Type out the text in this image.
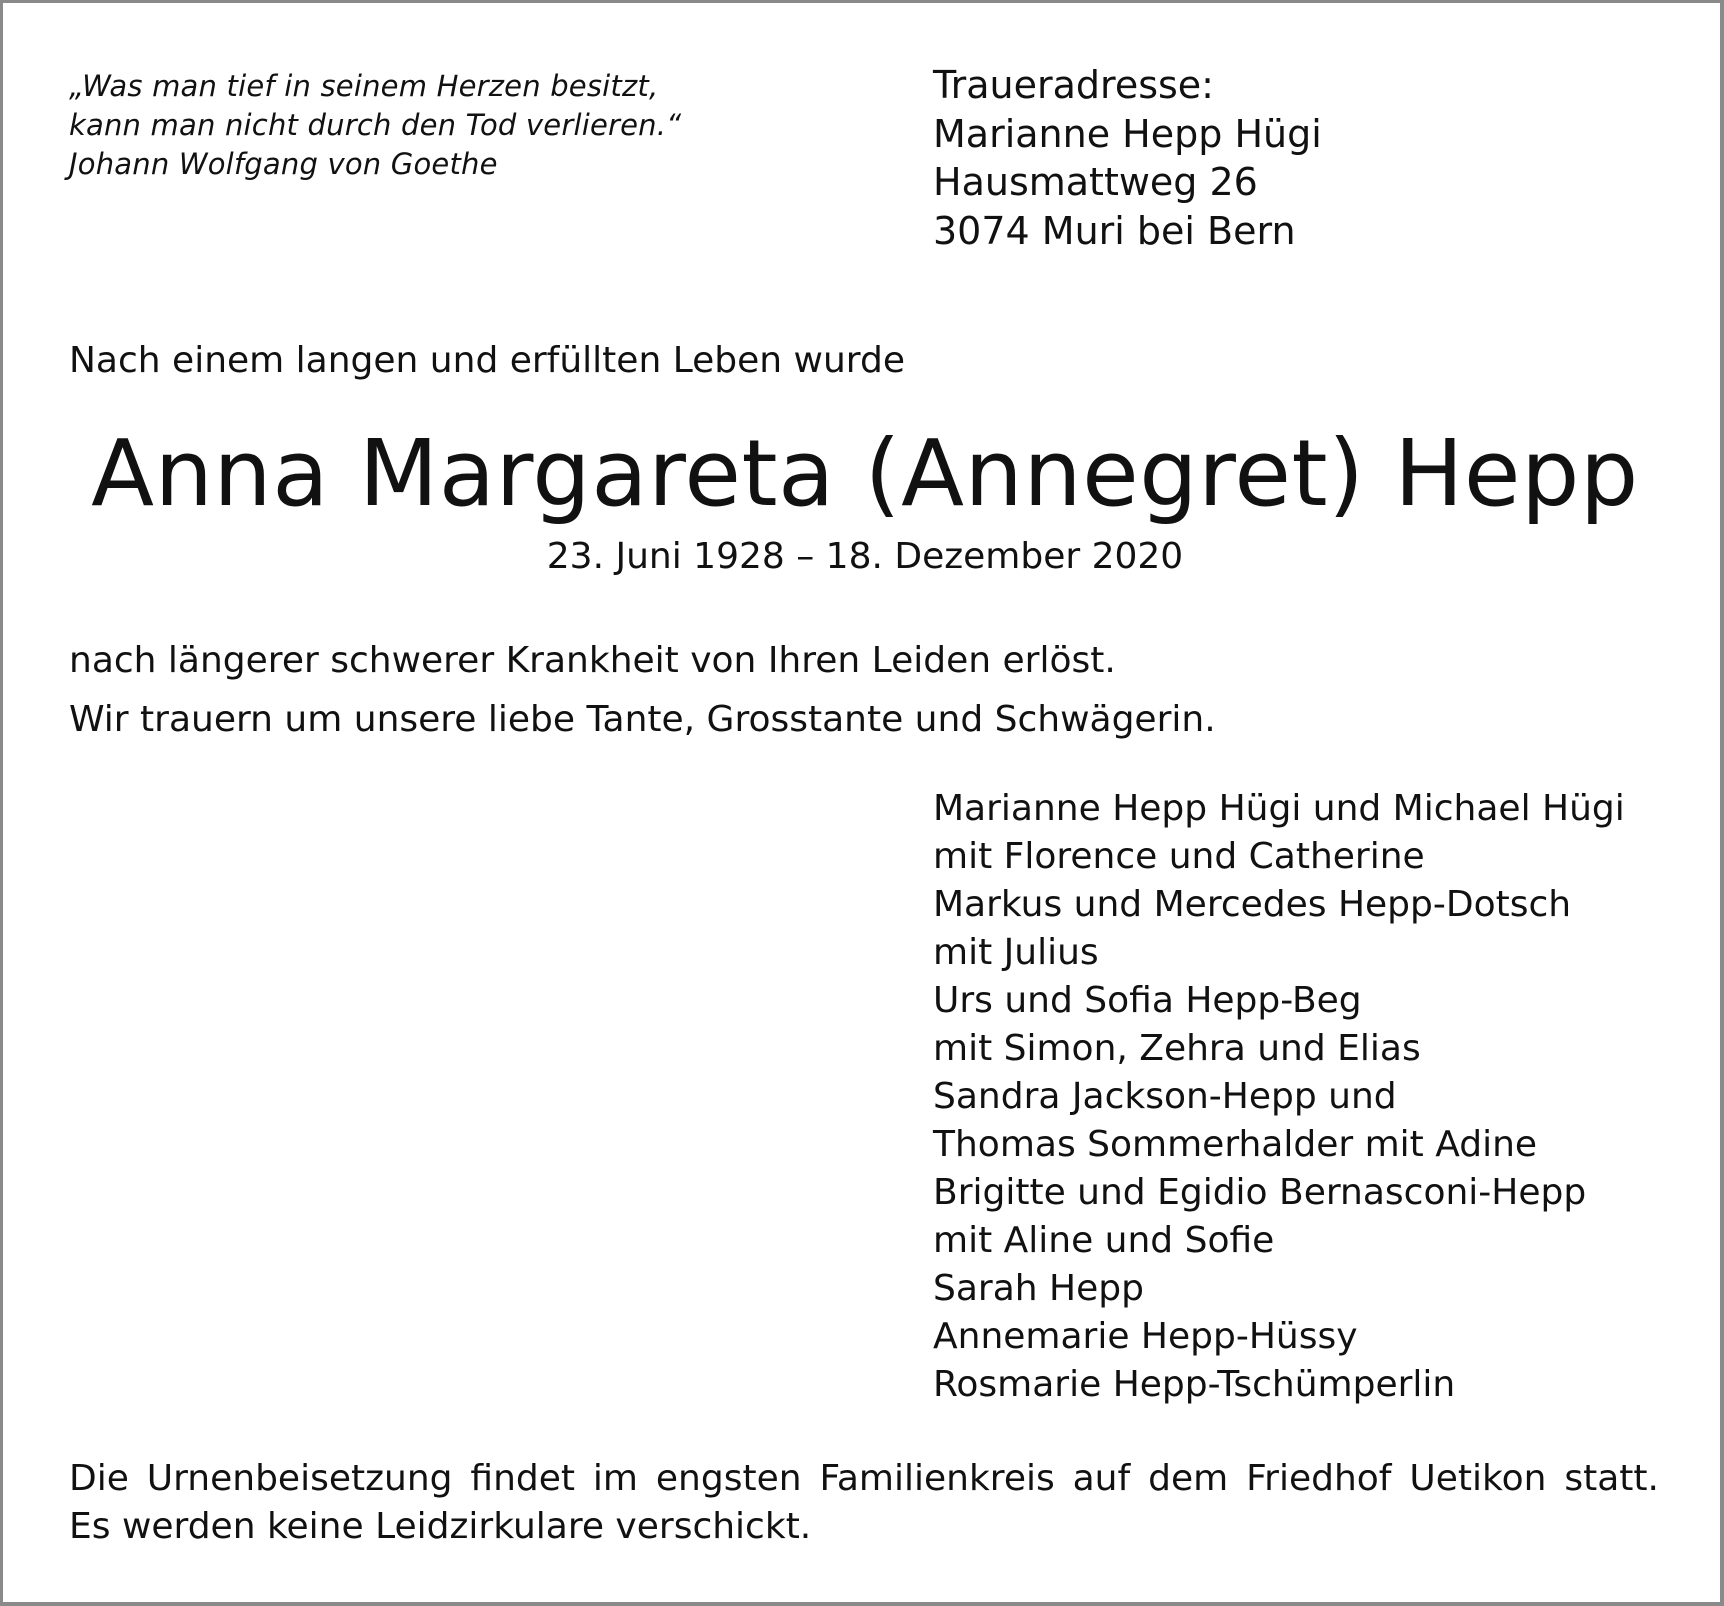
„Was man tief in seinem Herzen besitzt,
kann man nicht durch den Tod verlieren.“
Johann Wolfgang von Goethe
Traueradresse:
Marianne Hepp Hügi
Hausmattweg 26
3074 Muri bei Bern
Nach einem langen und erfüllten Leben wurde
Anna Margareta (Annegret) Hepp
23. Juni 1928 – 18. Dezember 2020
nach längerer schwerer Krankheit von Ihren Leiden erlöst.
Wir trauern um unsere liebe Tante, Grosstante und Schwägerin.
Marianne Hepp Hügi und Michael Hügi
mit Florence und Catherine
Markus und Mercedes Hepp-Dotsch
mit Julius
Urs und Sofia Hepp-Beg
mit Simon, Zehra und Elias
Sandra Jackson-Hepp und
Thomas Sommerhalder mit Adine
Brigitte und Egidio Bernasconi-Hepp
mit Aline und Sofie
Sarah Hepp
Annemarie Hepp-Hüssy
Rosmarie Hepp-Tschümperlin
Die Urnenbeisetzung findet im engsten Familienkreis auf dem Friedhof Uetikon statt.
Es werden keine Leidzirkulare verschickt.
